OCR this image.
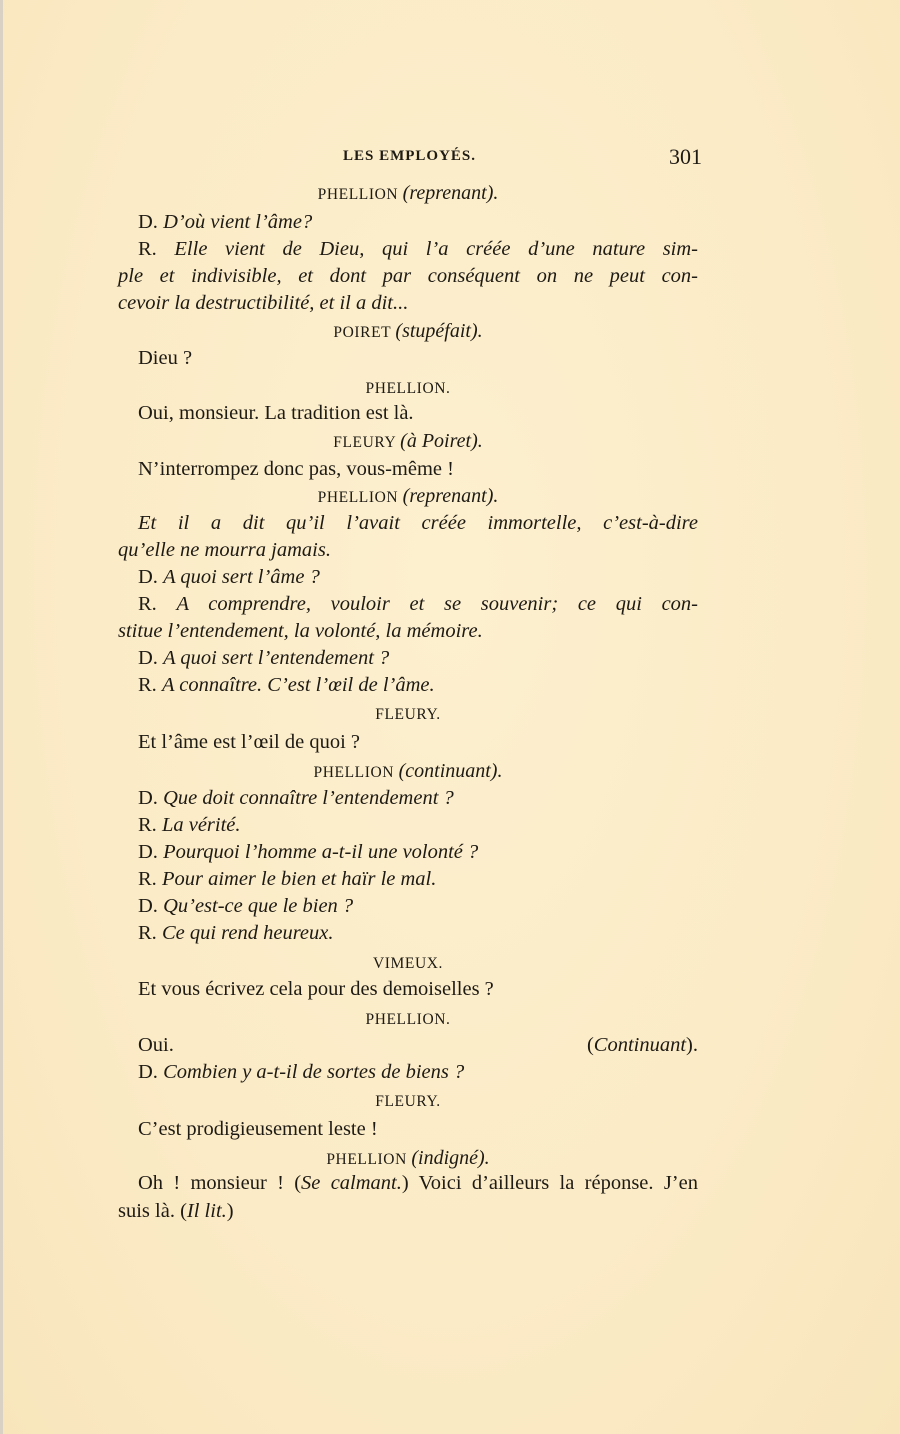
LES EMPLOYÉS.	301
PHELLION (reprenant).
D. D’où vient l’âme?
R. Elle vient de Dieu, qui l’a créée d’une nature sim-
ple et indivisible, et dont par conséquent on ne peut con-
cevoir la destructibilité, et il a dit...
POIRET (stupéfait).
Dieu ?
PHELLION.
Oui, monsieur. La tradition est là.
FLEURY (à Poiret).
N’interrompez donc pas, vous-même !
PHELLION (reprenant).
Et il a dit qu’il l’avait créée immortelle, c’est-à-dire
qu’elle ne mourra jamais.
D. A quoi sert l’âme ?
R. A comprendre, vouloir et se souvenir; ce qui con-
stitue l’entendement, la volonté, la mémoire.
D. A quoi sert l’entendement ?
R. A connaître. C’est l’œil de l’âme.
FLEURY.
Et l’âme est l’œil de quoi ?
PHELLION (continuant).
D. Que doit connaître l’entendement ?
R. La vérité.
D. Pourquoi l’homme a-t-il une volonté ?
R. Pour aimer le bien et haïr le mal.
D. Qu’est-ce que le bien ?
R. Ce qui rend heureux.
VIMEUX.
Et vous écrivez cela pour des demoiselles ?
PHELLION.
Oui. (Continuant).
D. Combien y a-t-il de sortes de biens ?
FLEURY.
C’est prodigieusement leste !
PHELLION (indigné).
Oh ! monsieur ! (Se calmant.) Voici d’ailleurs la réponse. J’en
suis là. (Il lit.)
